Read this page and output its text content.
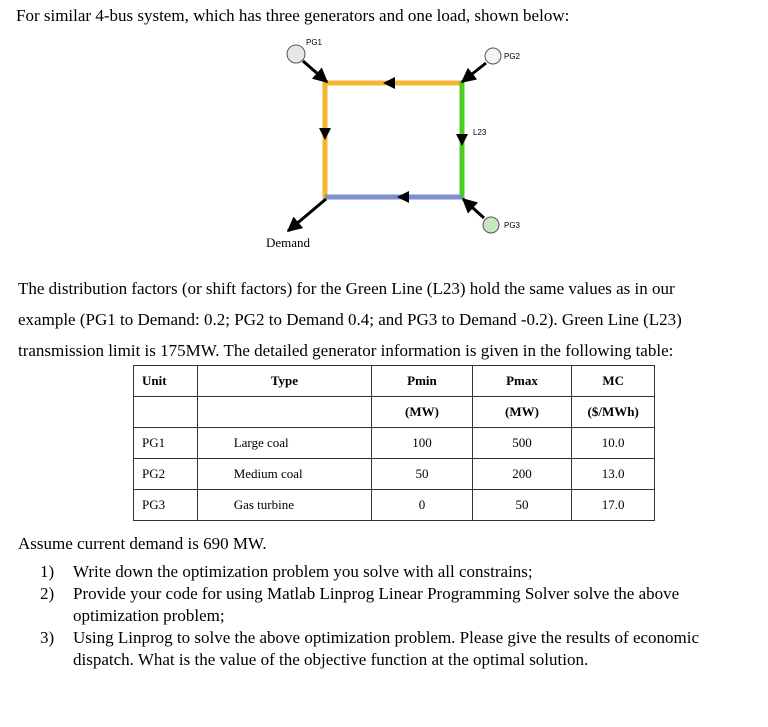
For similar 4-bus system, which has three generators and one load, shown below:
PG1
PG2
PG3
L23
Demand
The distribution factors (or shift factors) for the Green Line (L23) hold the same values as in our
example (PG1 to Demand: 0.2; PG2 to Demand 0.4; and PG3 to Demand -0.2). Green Line (L23)
transmission limit is 175MW. The detailed generator information is given in the following table:
Unit	Type	Pmin	Pmax	MC
		(MW)	(MW)	($/MWh)
PG1	Large coal	100	500	10.0
PG2	Medium coal	50	200	13.0
PG3	Gas turbine	0	50	17.0
Assume current demand is 690 MW.
1) Write down the optimization problem you solve with all constrains;
2) Provide your code for using Matlab Linprog Linear Programming Solver solve the above optimization problem;
3) Using Linprog to solve the above optimization problem. Please give the results of economic dispatch. What is the value of the objective function at the optimal solution.
